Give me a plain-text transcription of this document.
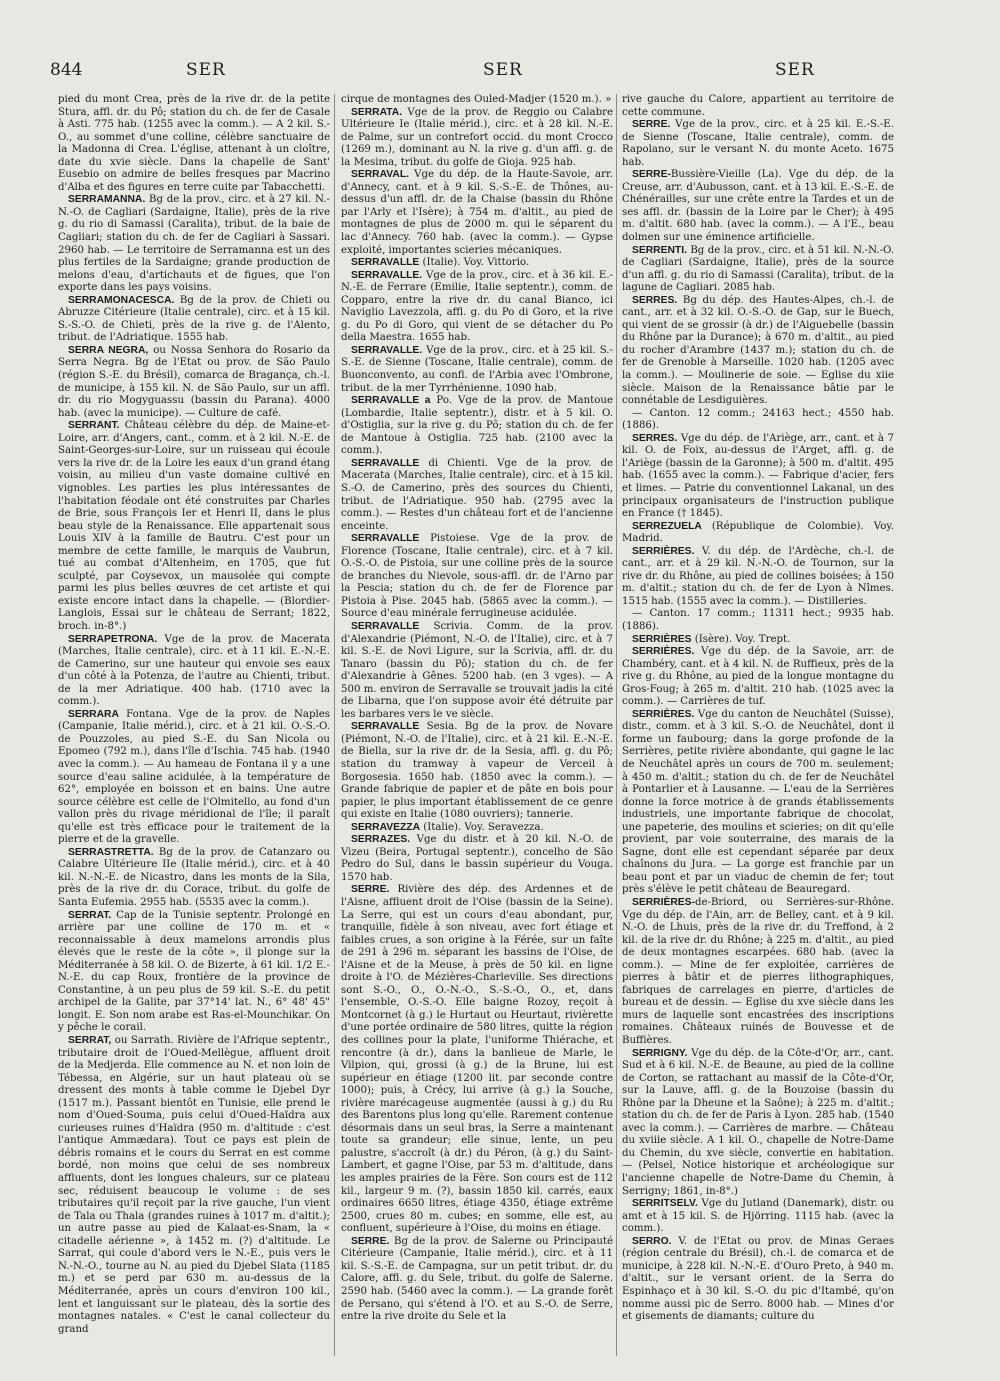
844	SER	SER	SER

pied du mont Crea, près de la rive dr. de la petite Stura, affl. dr. du Pô; station du ch. de fer de Casale à Asti. 775 hab. (1255 avec la comm.). — A 2 kil. S.-O., au sommet d'une colline, célèbre sanctuaire de la Madonna di Crea. L'église, attenant à un cloître, date du xvie siècle. Dans la chapelle de Sant' Eusebio on admire de belles fresques par Macrino d'Alba et des figures en terre cuite par Tabacchetti.

SERRAMANNA. Bg de la prov., circ. et à 27 kil. N.-N.-O. de Cagliari (Sardaigne, Italie), près de la rive g. du rio di Samassi (Caralita), tribut. de la baie de Cagliari; station du ch. de fer de Cagliari à Sassari. 2960 hab. — Le territoire de Serramanna est un des plus fertiles de la Sardaigne; grande production de melons d'eau, d'artichauts et de figues, que l'on exporte dans les pays voisins.

SERRAMONACESCA. Bg de la prov. de Chieti ou Abruzze Citérieure (Italie centrale), circ. et à 15 kil. S.-S.-O. de Chieti, près de la rive g. de l'Alento, tribut. de l'Adriatique. 1555 hab.

SERRA NEGRA, ou Nossa Senhora do Rosario da Serra Negra. Bg de l'Etat ou prov. de São Paulo (région S.-E. du Brésil), comarca de Bragança, ch.-l. de municipe, à 155 kil. N. de São Paulo, sur un affl. dr. du rio Mogyguassu (bassin du Parana). 4000 hab. (avec la municipe). — Culture de café.

SERRANT. Château célèbre du dép. de Maine-et-Loire, arr. d'Angers, cant., comm. et à 2 kil. N.-E. de Saint-Georges-sur-Loire, sur un ruisseau qui écoule vers la rive dr. de la Loire les eaux d'un grand étang voisin, au milieu d'un vaste domaine cultivé en vignobles. Les parties les plus intéressantes de l'habitation féodale ont été construites par Charles de Brie, sous François Ier et Henri II, dans le plus beau style de la Renaissance. Elle appartenait sous Louis XIV à la famille de Bautru. C'est pour un membre de cette famille, le marquis de Vaubrun, tué au combat d'Altenheim, en 1705, que fut sculpté, par Coysevox, un mausolée qui compte parmi les plus belles œuvres de cet artiste et qui existe encore intact dans la chapelle. — (Blordier-Langlois, Essai sur le château de Serrant; 1822, broch. in-8°.)

SERRAPETRONA. Vge de la prov. de Macerata (Marches, Italie centrale), circ. et à 11 kil. E.-N.-E. de Camerino, sur une hauteur qui envoie ses eaux d'un côté à la Potenza, de l'autre au Chienti, tribut. de la mer Adriatique. 400 hab. (1710 avec la comm.).

SERRARA Fontana. Vge de la prov. de Naples (Campanie, Italie mérid.), circ. et à 21 kil. O.-S.-O. de Pouzzoles, au pied S.-E. du San Nicola ou Epomeo (792 m.), dans l'île d'Ischia. 745 hab. (1940 avec la comm.). — Au hameau de Fontana il y a une source d'eau saline acidulée, à la température de 62°, employée en boisson et en bains. Une autre source célèbre est celle de l'Olmitello, au fond d'un vallon près du rivage méridional de l'île; il paraît qu'elle est très efficace pour le traitement de la pierre et de la gravelle.

SERRASTRETTA. Bg de la prov. de Catanzaro ou Calabre Ultérieure IIe (Italie mérid.), circ. et à 40 kil. N.-N.-E. de Nicastro, dans les monts de la Sila, près de la rive dr. du Corace, tribut. du golfe de Santa Eufemia. 2955 hab. (5535 avec la comm.).

SERRAT. Cap de la Tunisie septentr. Prolongé en arrière par une colline de 170 m. et « reconnaissable à deux mamelons arrondis plus élevés que le reste de la côte », il plonge sur la Méditerranée à 58 kil. O. de Bizerte, à 61 kil. 1/2 E.-N.-E. du cap Roux, frontière de la province de Constantine, à un peu plus de 59 kil. S.-E. du petit archipel de la Galite, par 37°14' lat. N., 6° 48' 45" longit. E. Son nom arabe est Ras-el-Mounchikar. On y pêche le corail.

SERRAT, ou Sarrath. Rivière de l'Afrique septentr., tributaire droit de l'Oued-Mellègue, affluent droit de la Medjerda. Elle commence au N. et non loin de Tébessa, en Algérie, sur un haut plateau où se dressent des monts à table comme le Djebel Dyr (1517 m.). Passant bientôt en Tunisie, elle prend le nom d'Oued-Souma, puis celui d'Oued-Haïdra aux curieuses ruines d'Haïdra (950 m. d'altitude : c'est l'antique Ammædara). Tout ce pays est plein de débris romains et le cours du Serrat en est comme bordé, non moins que celui de ses nombreux affluents, dont les longues chaleurs, sur ce plateau sec, réduisent beaucoup le volume : de ses tributaires qu'il reçoit par la rive gauche, l'un vient de Tala ou Thala (grandes ruines à 1017 m. d'altit.); un autre passe au pied de Kalaat-es-Snam, la « citadelle aérienne », à 1452 m. (?) d'altitude. Le Sarrat, qui coule d'abord vers le N.-E., puis vers le N.-N.-O., tourne au N. au pied du Djebel Slata (1185 m.) et se perd par 630 m. au-dessus de la Méditerranée, après un cours d'environ 100 kil., lent et languissant sur le plateau, dès la sortie des montagnes natales. « C'est le canal collecteur du grand

cirque de montagnes des Ouled-Madjer (1520 m.). »

SERRATA. Vge de la prov. de Reggio ou Calabre Ultérieure Ie (Italie mérid.), circ. et à 28 kil. N.-E. de Palme, sur un contrefort occid. du mont Crocco (1269 m.), dominant au N. la rive g. d'un affl. g. de la Mesima, tribut. du golfe de Gioja. 925 hab.

SERRAVAL. Vge du dép. de la Haute-Savoie, arr. d'Annecy, cant. et à 9 kil. S.-S.-E. de Thônes, au-dessus d'un affl. dr. de la Chaise (bassin du Rhône par l'Arly et l'Isère); à 754 m. d'altit., au pied de montagnes de plus de 2000 m. qui le séparent du lac d'Annecy. 760 hab. (avec la comm.). — Gypse exploité, importantes scieries mécaniques.

SERRAVALLE (Italie). Voy. Vittorio.

SERRAVALLE. Vge de la prov., circ. et à 36 kil. E.-N.-E. de Ferrare (Emilie, Italie septentr.), comm. de Copparo, entre la rive dr. du canal Bianco, ici Naviglio Lavezzola, affl. g. du Po di Goro, et la rive g. du Po di Goro, qui vient de se détacher du Po della Maestra. 1655 hab.

SERRAVALLE. Vge de la prov., circ. et à 25 kil. S.-S.-E. de Sienne (Toscane, Italie centrale), comm. de Buonconvento, au confl. de l'Arbia avec l'Ombrone, tribut. de la mer Tyrrhénienne. 1090 hab.

SERRAVALLE a Po. Vge de la prov. de Mantoue (Lombardie, Italie septentr.), distr. et à 5 kil. O. d'Ostiglia, sur la rive g. du Pô; station du ch. de fer de Mantoue à Ostiglia. 725 hab. (2100 avec la comm.).

SERRAVALLE di Chienti. Vge de la prov. de Macerata (Marches, Italie centrale), circ. et à 15 kil. S.-O. de Camerino, près des sources du Chienti, tribut. de l'Adriatique. 950 hab. (2795 avec la comm.). — Restes d'un château fort et de l'ancienne enceinte.

SERRAVALLE Pistoiese. Vge de la prov. de Florence (Toscane, Italie centrale), circ. et à 7 kil. O.-S.-O. de Pistoia, sur une colline près de la source de branches du Nievole, sous-affl. dr. de l'Arno par la Pescia; station du ch. de fer de Florence par Pistoia à Pise. 2045 hab. (5865 avec la comm.). — Source d'eau minérale ferrugineuse acidulée.

SERRAVALLE Scrivia. Comm. de la prov. d'Alexandrie (Piémont, N.-O. de l'Italie), circ. et à 7 kil. S.-E. de Novi Ligure, sur la Scrivia, affl. dr. du Tanaro (bassin du Pô); station du ch. de fer d'Alexandrie à Gênes. 5200 hab. (en 3 vges). — A 500 m. environ de Serravalle se trouvait jadis la cité de Libarna, que l'on suppose avoir été détruite par les barbares vers le ve siècle.

SERRAVALLE Sesia. Bg de la prov. de Novare (Piémont, N.-O. de l'Italie), circ. et à 21 kil. E.-N.-E. de Biella, sur la rive dr. de la Sesia, affl. g. du Pô; station du tramway à vapeur de Verceil à Borgosesia. 1650 hab. (1850 avec la comm.). — Grande fabrique de papier et de pâte en bois pour papier, le plus important établissement de ce genre qui existe en Italie (1080 ouvriers); tannerie.

SERRAVEZZA (Italie). Voy. Seravezza.

SERRAZES. Vge du distr. et à 20 kil. N.-O. de Vizeu (Beira, Portugal septentr.), concelho de São Pedro do Sul, dans le bassin supérieur du Vouga. 1570 hab.

SERRE. Rivière des dép. des Ardennes et de l'Aisne, affluent droit de l'Oise (bassin de la Seine). La Serre, qui est un cours d'eau abondant, pur, tranquille, fidèle à son niveau, avec fort étiage et faibles crues, a son origine à la Férée, sur un faîte de 291 à 296 m. séparant les bassins de l'Oise, de l'Aisne et de la Meuse, à près de 50 kil. en ligne droite à l'O. de Mézières-Charleville. Ses directions sont S.-O., O., O.-N.-O., S.-S.-O., O., et, dans l'ensemble, O.-S.-O. Elle baigne Rozoy, reçoit à Montcornet (à g.) le Hurtaut ou Heurtaut, rivièrette d'une portée ordinaire de 580 litres, quitte la région des collines pour la plate, l'uniforme Thiérache, et rencontre (à dr.), dans la banlieue de Marle, le Vilpion, qui, grossi (à g.) de la Brune, lui est supérieur en étiage (1200 lit. par seconde contre 1000); puis, à Crécy, lui arrive (à g.) la Souche, rivière marécageuse augmentée (aussi à g.) du Ru des Barentons plus long qu'elle. Rarement contenue désormais dans un seul bras, la Serre a maintenant toute sa grandeur; elle sinue, lente, un peu palustre, s'accroît (à dr.) du Péron, (à g.) du Saint-Lambert, et gagne l'Oise, par 53 m. d'altitude, dans les amples prairies de la Fère. Son cours est de 112 kil., largeur 9 m. (?), bassin 1850 kil. carrés, eaux ordinaires 6650 litres, étiage 4350, étiage extrême 2500, crues 80 m. cubes; en somme, elle est, au confluent, supérieure à l'Oise, du moins en étiage.

SERRE. Bg de la prov. de Salerne ou Principauté Citérieure (Campanie, Italie mérid.), circ. et à 11 kil. S.-S.-E. de Campagna, sur un petit tribut. dr. du Calore, affl. g. du Sele, tribut. du golfe de Salerne. 2590 hab. (5460 avec la comm.). — La grande forêt de Persano, qui s'étend à l'O. et au S.-O. de Serre, entre la rive droite du Sele et la

rive gauche du Calore, appartient au territoire de cette commune.

SERRE. Vge de la prov., circ. et à 25 kil. E.-S.-E. de Sienne (Toscane, Italie centrale), comm. de Rapolano, sur le versant N. du monte Aceto. 1675 hab.

SERRE-Bussière-Vieille (La). Vge du dép. de la Creuse, arr. d'Aubusson, cant. et à 13 kil. E.-S.-E. de Chénérailles, sur une crête entre la Tardes et un de ses affl. dr. (bassin de la Loire par le Cher); à 495 m. d'altit. 680 hab. (avec la comm.). — A l'E., beau dolmen sur une éminence artificielle.

SERRENTI. Bg de la prov., circ. et à 51 kil. N.-N.-O. de Cagliari (Sardaigne, Italie), près de la source d'un affl. g. du rio di Samassi (Caralita), tribut. de la lagune de Cagliari. 2085 hab.

SERRES. Bg du dép. des Hautes-Alpes, ch.-l. de cant., arr. et à 32 kil. O.-S.-O. de Gap, sur le Buech, qui vient de se grossir (à dr.) de l'Aiguebelle (bassin du Rhône par la Durance); à 670 m. d'altit., au pied du rocher d'Arambre (1437 m.); station du ch. de fer de Grenoble à Marseille. 1020 hab. (1205 avec la comm.). — Moulinerie de soie. — Eglise du xiie siècle. Maison de la Renaissance bâtie par le connétable de Lesdiguières.

— Canton. 12 comm.; 24163 hect.; 4550 hab. (1886).

SERRES. Vge du dép. de l'Ariège, arr., cant. et à 7 kil. O. de Foix, au-dessus de l'Arget, affl. g. de l'Ariège (bassin de la Garonne); à 500 m. d'altit. 495 hab. (1655 avec la comm.). — Fabrique d'acier, fers et limes. — Patrie du conventionnel Lakanal, un des principaux organisateurs de l'instruction publique en France († 1845).

SERREZUELA (République de Colombie). Voy. Madrid.

SERRIÈRES. V. du dép. de l'Ardèche, ch.-l. de cant., arr. et à 29 kil. N.-N.-O. de Tournon, sur la rive dr. du Rhône, au pied de collines boisées; à 150 m. d'altit.; station du ch. de fer de Lyon à Nîmes. 1515 hab. (1555 avec la comm.). — Distilleries.

— Canton. 17 comm.; 11311 hect.; 9935 hab. (1886).

SERRIÈRES (Isère). Voy. Trept.

SERRIÈRES. Vge du dép. de la Savoie, arr. de Chambéry, cant. et à 4 kil. N. de Ruffieux, près de la rive g. du Rhône, au pied de la longue montagne du Gros-Foug; à 265 m. d'altit. 210 hab. (1025 avec la comm.). — Carrières de tuf.

SERRIÈRES. Vge du canton de Neuchâtel (Suisse), distr., comm. et à 3 kil. S.-O. de Neuchâtel, dont il forme un faubourg; dans la gorge profonde de la Serrières, petite rivière abondante, qui gagne le lac de Neuchâtel après un cours de 700 m. seulement; à 450 m. d'altit.; station du ch. de fer de Neuchâtel à Pontarlier et à Lausanne. — L'eau de la Serrières donne la force motrice à de grands établissements industriels, une importante fabrique de chocolat, une papeterie, des moulins et scieries; on dit qu'elle provient, par voie souterraine, des marais de la Sagne, dont elle est cependant séparée par deux chaînons du Jura. — La gorge est franchie par un beau pont et par un viaduc de chemin de fer; tout près s'élève le petit château de Beauregard.

SERRIÈRES-de-Briord, ou Serrières-sur-Rhône. Vge du dép. de l'Ain, arr. de Belley, cant. et à 9 kil. N.-O. de Lhuis, près de la rive dr. du Treffond, à 2 kil. de la rive dr. du Rhône; à 225 m. d'altit., au pied de deux montagnes escarpées. 680 hab. (avec la comm.). — Mine de fer exploitée, carrières de pierres à bâtir et de pierres lithographiques, fabriques de carrelages en pierre, d'articles de bureau et de dessin. — Eglise du xve siècle dans les murs de laquelle sont encastrées des inscriptions romaines. Châteaux ruinés de Bouvesse et de Buffières.

SERRIGNY. Vge du dép. de la Côte-d'Or, arr., cant. Sud et à 6 kil. N.-E. de Beaune, au pied de la colline de Corton, se rattachant au massif de la Côte-d'Or, sur la Lauve, affl. g. de la Bouzoise (bassin du Rhône par la Dheune et la Saône); à 225 m. d'altit.; station du ch. de fer de Paris à Lyon. 285 hab. (1540 avec la comm.). — Carrières de marbre. — Château du xviiie siècle. A 1 kil. O., chapelle de Notre-Dame du Chemin, du xve siècle, convertie en habitation. — (Pelsel, Notice historique et archéologique sur l'ancienne chapelle de Notre-Dame du Chemin, à Serrigny; 1861, in-8°.)

SERRITSELV. Vge du Jutland (Danemark), distr. ou amt et à 15 kil. S. de Hjörring. 1115 hab. (avec la comm.).

SERRO. V. de l'Etat ou prov. de Minas Geraes (région centrale du Brésil), ch.-l. de comarca et de municipe, à 228 kil. N.-N.-E. d'Ouro Preto, à 940 m. d'altit., sur le versant orient. de la Serra do Espinhaço et à 30 kil. S.-O. du pic d'Itambé, qu'on nomme aussi pic de Serro. 8000 hab. — Mines d'or et gisements de diamants; culture du
